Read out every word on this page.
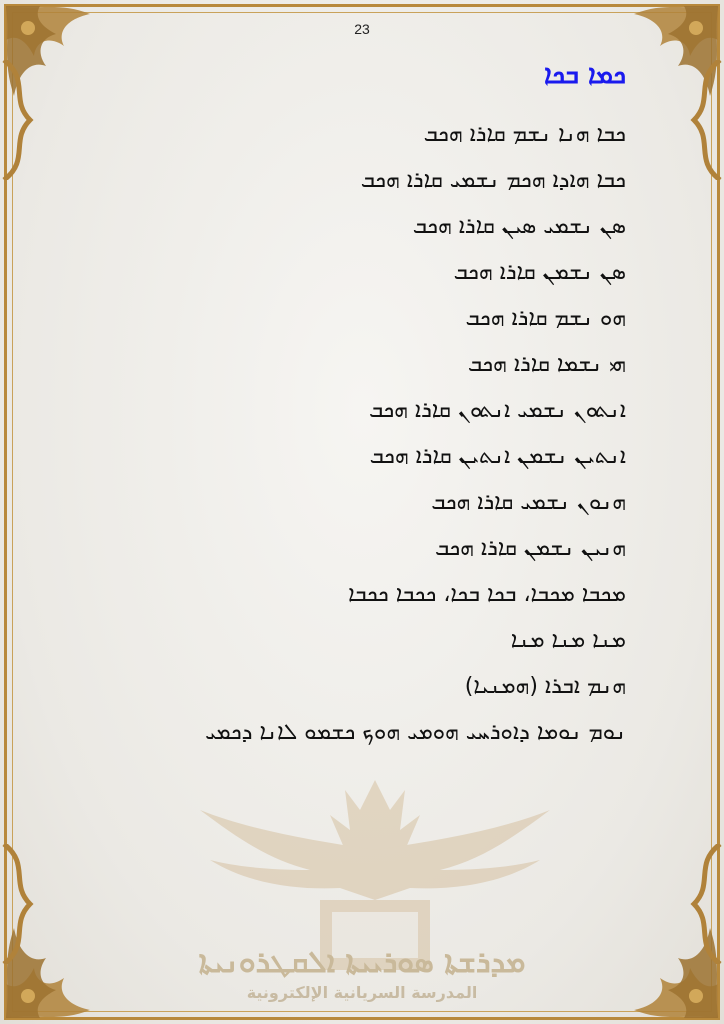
23
ܟܡܐ ܒܟܐ
ܟܒܐ ܗܢܐ ܢܫܡ ܩܐܪܐ ܗܟܒ
ܟܒܐ ܗܐܕܐ ܗܟܡ ܢܫܡܝ ܩܐܪܐ ܗܟܒ
ܣܢ ܢܫܡܝ ܣܝܢ ܩܐܪܐ ܗܟܒ
ܣܢ ܢܫܡܢ ܩܐܪܐ ܗܟܒ
ܗܘ ܢܫܡ ܩܐܪܐ ܗܟܒ
ܗܝ ܢܫܡܐ ܩܐܪܐ ܗܟܒ
ܐܢܬܘܢ ܢܫܡܝ ܐܢܬܘܢ ܩܐܪܐ ܗܟܒ
ܐܢܬܝܢ ܢܫܡܢ ܐܢܬܝܢ ܩܐܪܐ ܗܟܒ
ܗܢܘܢ ܢܫܡܝ ܩܐܪܐ ܗܟܒ
ܗܢܝܢ ܢܫܡܢ ܩܐܪܐ ܗܟܒ
ܡܟܒܐ ܡܟܒܐ، ܒܟܐ ܒܟܐ، ܟܟܒܐ ܟܟܒܐ
ܡܢܐ ܡܢܐ ܡܢܐ
ܗܢܡ ܐܒܪܐ (ܗܡܢܝܐ)
ܢܘܡ ܢܘܡܐ ܕܐܘܪܚܝ ܗܘܡܝ ܗܘܟ ܟܫܡܘ ܠܐܢܐ ܕܟܡܝ
ܡܕܪܫܬܐ ܣܘܪܝܝܬܐ ܐܠܩܛܪܘܢܝܬܐ
المدرسة السريانية الإلكترونية
